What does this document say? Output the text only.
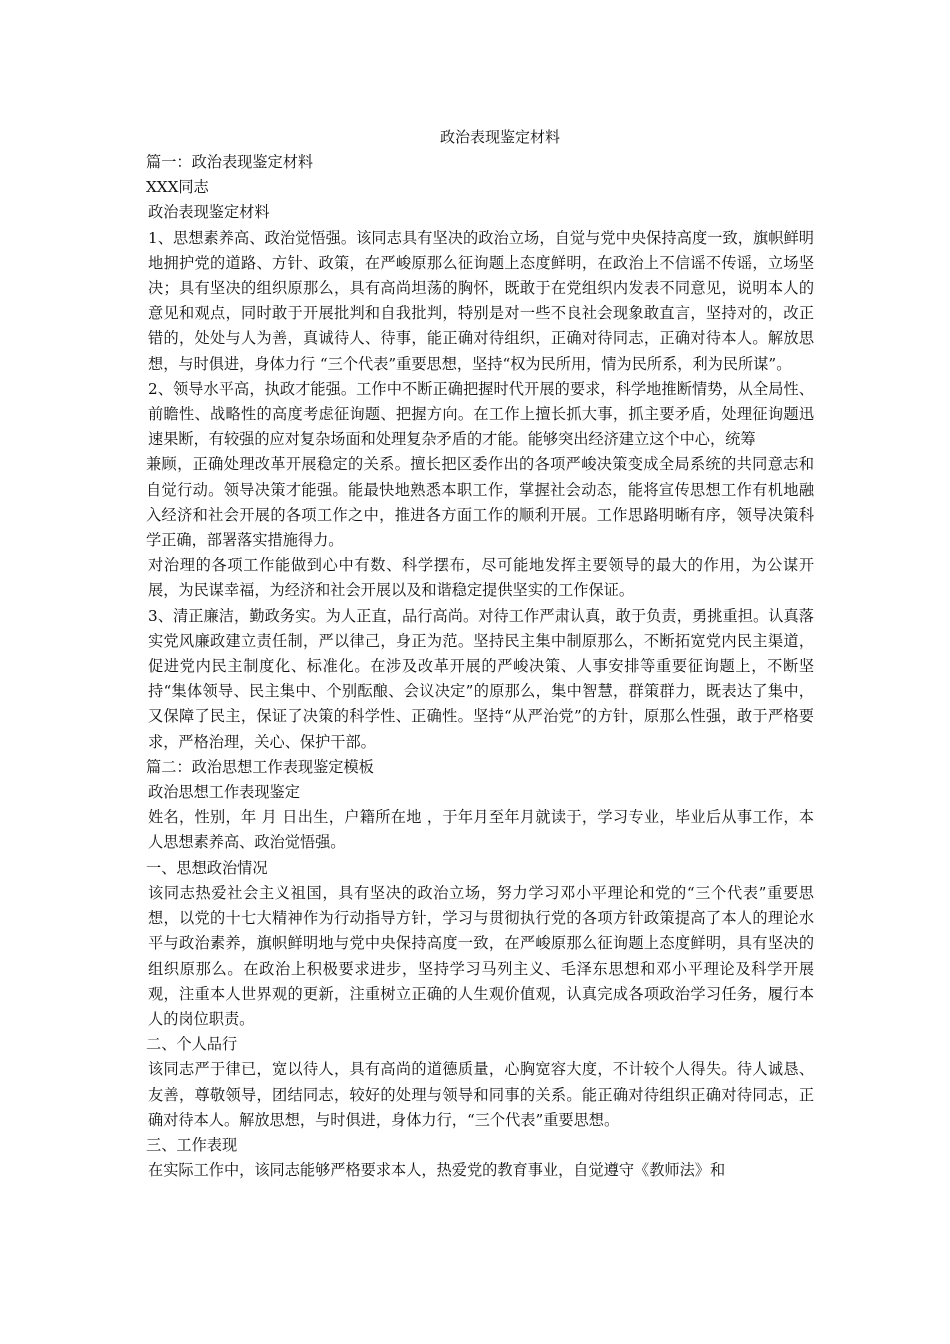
政治表现鉴定材料

篇一：政治表现鉴定材料

XXX同志

政治表现鉴定材料

1、思想素养高、政治觉悟强。该同志具有坚决的政治立场，自觉与党中央保持高度一致，旗帜鲜明地拥护党的道路、方针、政策，在严峻原那么征询题上态度鲜明，在政治上不信谣不传谣，立场坚决；具有坚决的组织原那么，具有高尚坦荡的胸怀，既敢于在党组织内发表不同意见，说明本人的意见和观点，同时敢于开展批判和自我批判，特别是对一些不良社会现象敢直言，坚持对的，改正错的，处处与人为善，真诚待人、待事，能正确对待组织，正确对待同志，正确对待本人。解放思想，与时俱进，身体力行 “三个代表”重要思想，坚持“权为民所用，情为民所系，利为民所谋”。

2、领导水平高，执政才能强。工作中不断正确把握时代开展的要求，科学地推断情势，从全局性、前瞻性、战略性的高度考虑征询题、把握方向。在工作上擅长抓大事，抓主要矛盾，处理征询题迅速果断，有较强的应对复杂场面和处理复杂矛盾的才能。能够突出经济建立这个中心，统筹

兼顾，正确处理改革开展稳定的关系。擅长把区委作出的各项严峻决策变成全局系统的共同意志和自觉行动。领导决策才能强。能最快地熟悉本职工作，掌握社会动态，能将宣传思想工作有机地融入经济和社会开展的各项工作之中，推进各方面工作的顺利开展。工作思路明晰有序，领导决策科学正确，部署落实措施得力。

对治理的各项工作能做到心中有数、科学摆布，尽可能地发挥主要领导的最大的作用，为公谋开展，为民谋幸福，为经济和社会开展以及和谐稳定提供坚实的工作保证。

3、清正廉洁，勤政务实。为人正直，品行高尚。对待工作严肃认真，敢于负责，勇挑重担。认真落实党风廉政建立责任制，严以律己，身正为范。坚持民主集中制原那么，不断拓宽党内民主渠道，促进党内民主制度化、标准化。在涉及改革开展的严峻决策、人事安排等重要征询题上，不断坚持“集体领导、民主集中、个别酝酿、会议决定”的原那么，集中智慧，群策群力，既表达了集中，又保障了民主，保证了决策的科学性、正确性。坚持“从严治党”的方针，原那么性强，敢于严格要求，严格治理，关心、保护干部。

篇二：政治思想工作表现鉴定模板

政治思想工作表现鉴定

姓名，性别，年 月 日出生，户籍所在地 ，于年月至年月就读于，学习专业，毕业后从事工作，本人思想素养高、政治觉悟强。

一、思想政治情况

该同志热爱社会主义祖国，具有坚决的政治立场，努力学习邓小平理论和党的“三个代表”重要思想，以党的十七大精神作为行动指导方针，学习与贯彻执行党的各项方针政策提高了本人的理论水平与政治素养，旗帜鲜明地与党中央保持高度一致，在严峻原那么征询题上态度鲜明，具有坚决的组织原那么。在政治上积极要求进步，坚持学习马列主义、毛泽东思想和邓小平理论及科学开展观，注重本人世界观的更新，注重树立正确的人生观价值观，认真完成各项政治学习任务，履行本人的岗位职责。

二、个人品行

该同志严于律已，宽以待人，具有高尚的道德质量，心胸宽容大度，不计较个人得失。待人诚恳、友善，尊敬领导，团结同志，较好的处理与领导和同事的关系。能正确对待组织正确对待同志，正确对待本人。解放思想，与时俱进，身体力行，“三个代表”重要思想。

三、工作表现

在实际工作中，该同志能够严格要求本人，热爱党的教育事业，自觉遵守《教师法》和
